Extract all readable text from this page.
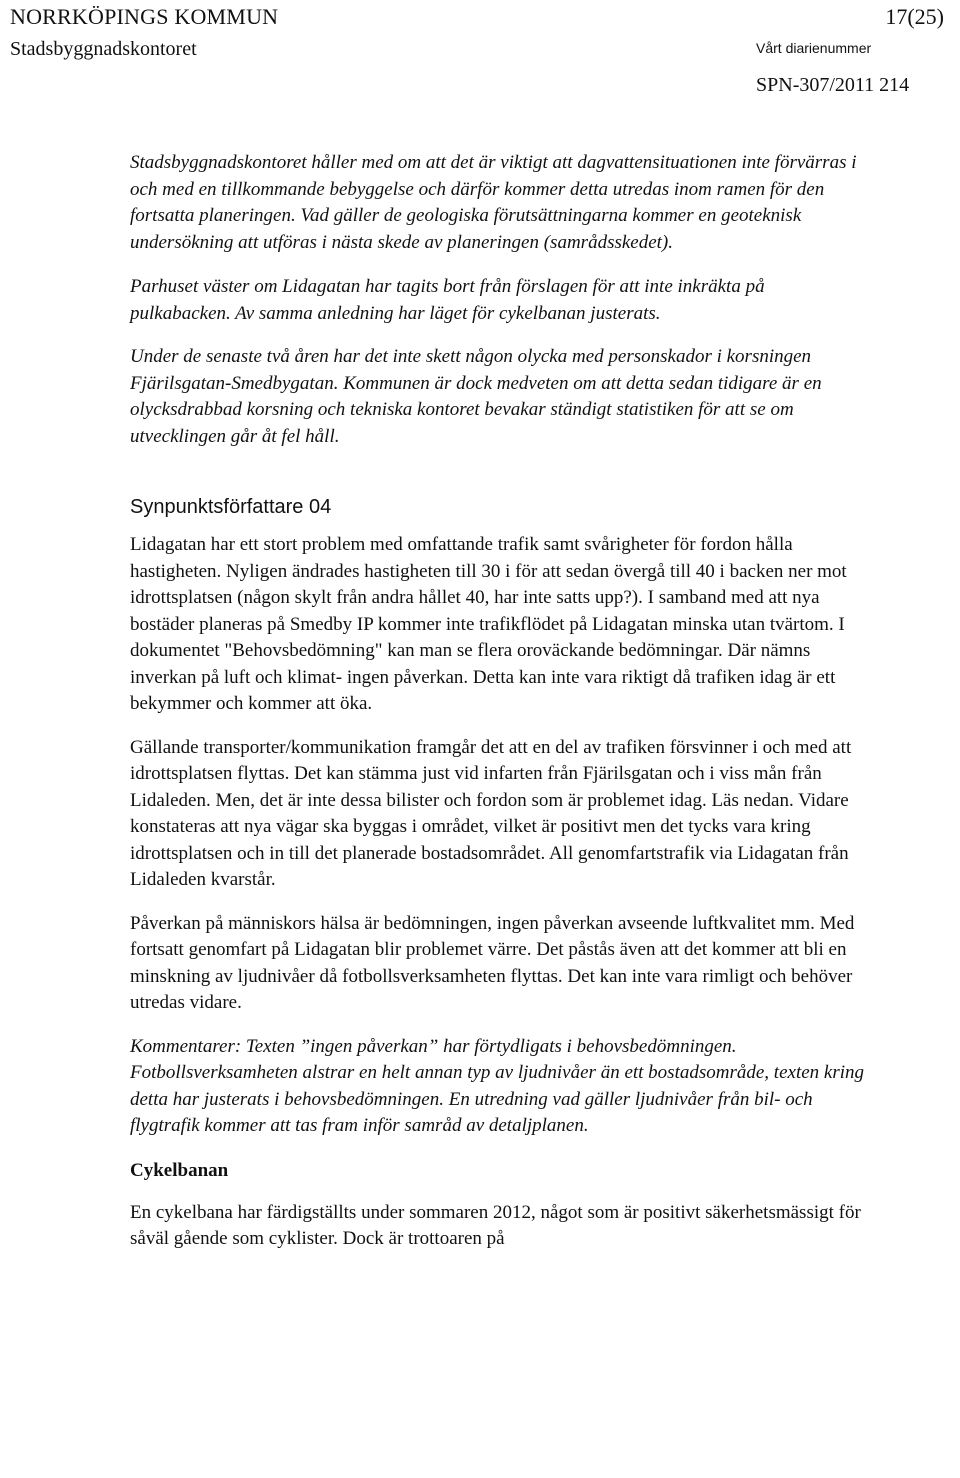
NORRKÖPINGS KOMMUN	17(25)
Stadsbyggnadskontoret	Vårt diarienummer
SPN-307/2011 214

Stadsbyggnadskontoret håller med om att det är viktigt att dagvattensituationen inte förvärras i och med en tillkommande bebyggelse och därför kommer detta utredas inom ramen för den fortsatta planeringen. Vad gäller de geologiska förutsättningarna kommer en geoteknisk undersökning att utföras i nästa skede av planeringen (samrådsskedet).

Parhuset väster om Lidagatan har tagits bort från förslagen för att inte inkräkta på pulkabacken. Av samma anledning har läget för cykelbanan justerats.

Under de senaste två åren har det inte skett någon olycka med personskador i korsningen Fjärilsgatan-Smedbygatan. Kommunen är dock medveten om att detta sedan tidigare är en olycksdrabbad korsning och tekniska kontoret bevakar ständigt statistiken för att se om utvecklingen går åt fel håll.

Synpunktsförfattare 04

Lidagatan har ett stort problem med omfattande trafik samt svårigheter för fordon hålla hastigheten. Nyligen ändrades hastigheten till 30 i för att sedan övergå till 40 i backen ner mot idrottsplatsen (någon skylt från andra hållet 40, har inte satts upp?). I samband med att nya bostäder planeras på Smedby IP kommer inte trafikflödet på Lidagatan minska utan tvärtom. I dokumentet "Behovsbedömning" kan man se flera oroväckande bedömningar. Där nämns inverkan på luft och klimat- ingen påverkan. Detta kan inte vara riktigt då trafiken idag är ett bekymmer och kommer att öka.

Gällande transporter/kommunikation framgår det att en del av trafiken försvinner i och med att idrottsplatsen flyttas. Det kan stämma just vid infarten från Fjärilsgatan och i viss mån från Lidaleden. Men, det är inte dessa bilister och fordon som är problemet idag. Läs nedan. Vidare konstateras att nya vägar ska byggas i området, vilket är positivt men det tycks vara kring idrottsplatsen och in till det planerade bostadsområdet. All genomfartstrafik via Lidagatan från Lidaleden kvarstår.

Påverkan på människors hälsa är bedömningen, ingen påverkan avseende luftkvalitet mm. Med fortsatt genomfart på Lidagatan blir problemet värre. Det påstås även att det kommer att bli en minskning av ljudnivåer då fotbollsverksamheten flyttas. Det kan inte vara rimligt och behöver utredas vidare.

Kommentarer: Texten ”ingen påverkan” har förtydligats i behovsbedömningen. Fotbollsverksamheten alstrar en helt annan typ av ljudnivåer än ett bostadsområde, texten kring detta har justerats i behovsbedömningen. En utredning vad gäller ljudnivåer från bil- och flygtrafik kommer att tas fram inför samråd av detaljplanen.

Cykelbanan

En cykelbana har färdigställts under sommaren 2012, något som är positivt säkerhetsmässigt för såväl gående som cyklister. Dock är trottoaren på
